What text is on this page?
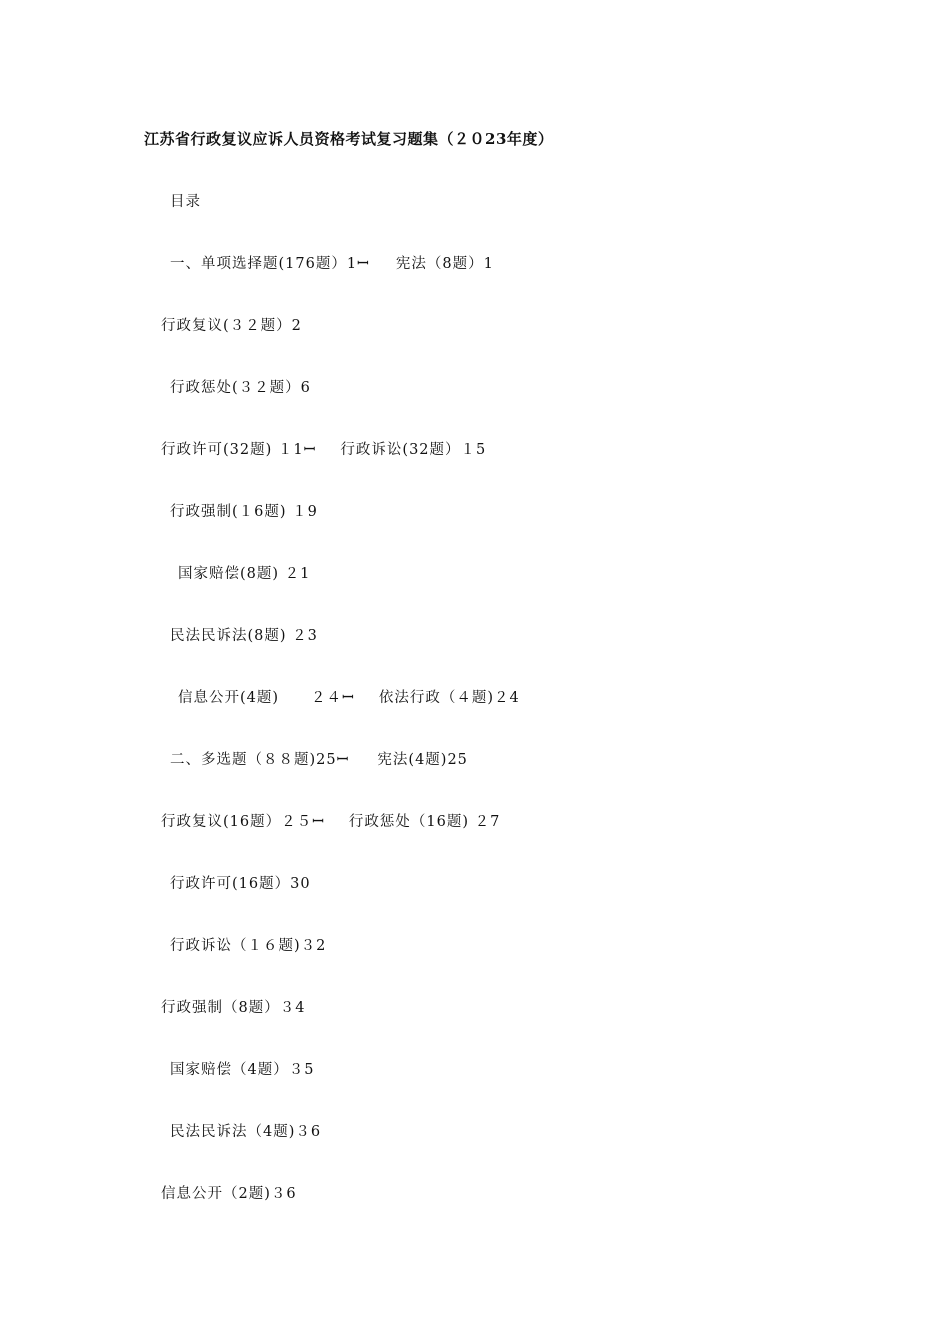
江苏省行政复议应诉人员资格考试复习题集（２０23年度）
目录
一、单项选择题(176题）1ꟷ 宪法（8题）1
行政复议(３２题）2
行政惩处(３２题）6
行政许可(32题) １1ꟷ 行政诉讼(32题）１5
行政强制(１6题) １9
国家赔偿(8题) ２1
民法民诉法(8题) ２3
信息公开(4题) ２４ꟷ 依法行政（４题)２4
二、多选题（８８题)25ꟷ 宪法(4题)25
行政复议(16题）２５ꟷ 行政惩处（16题) ２7
行政许可(16题）30
行政诉讼（１６题)３2
行政强制（8题）３4
国家赔偿（4题）３5
民法民诉法（4题)３6
信息公开（2题)３6
